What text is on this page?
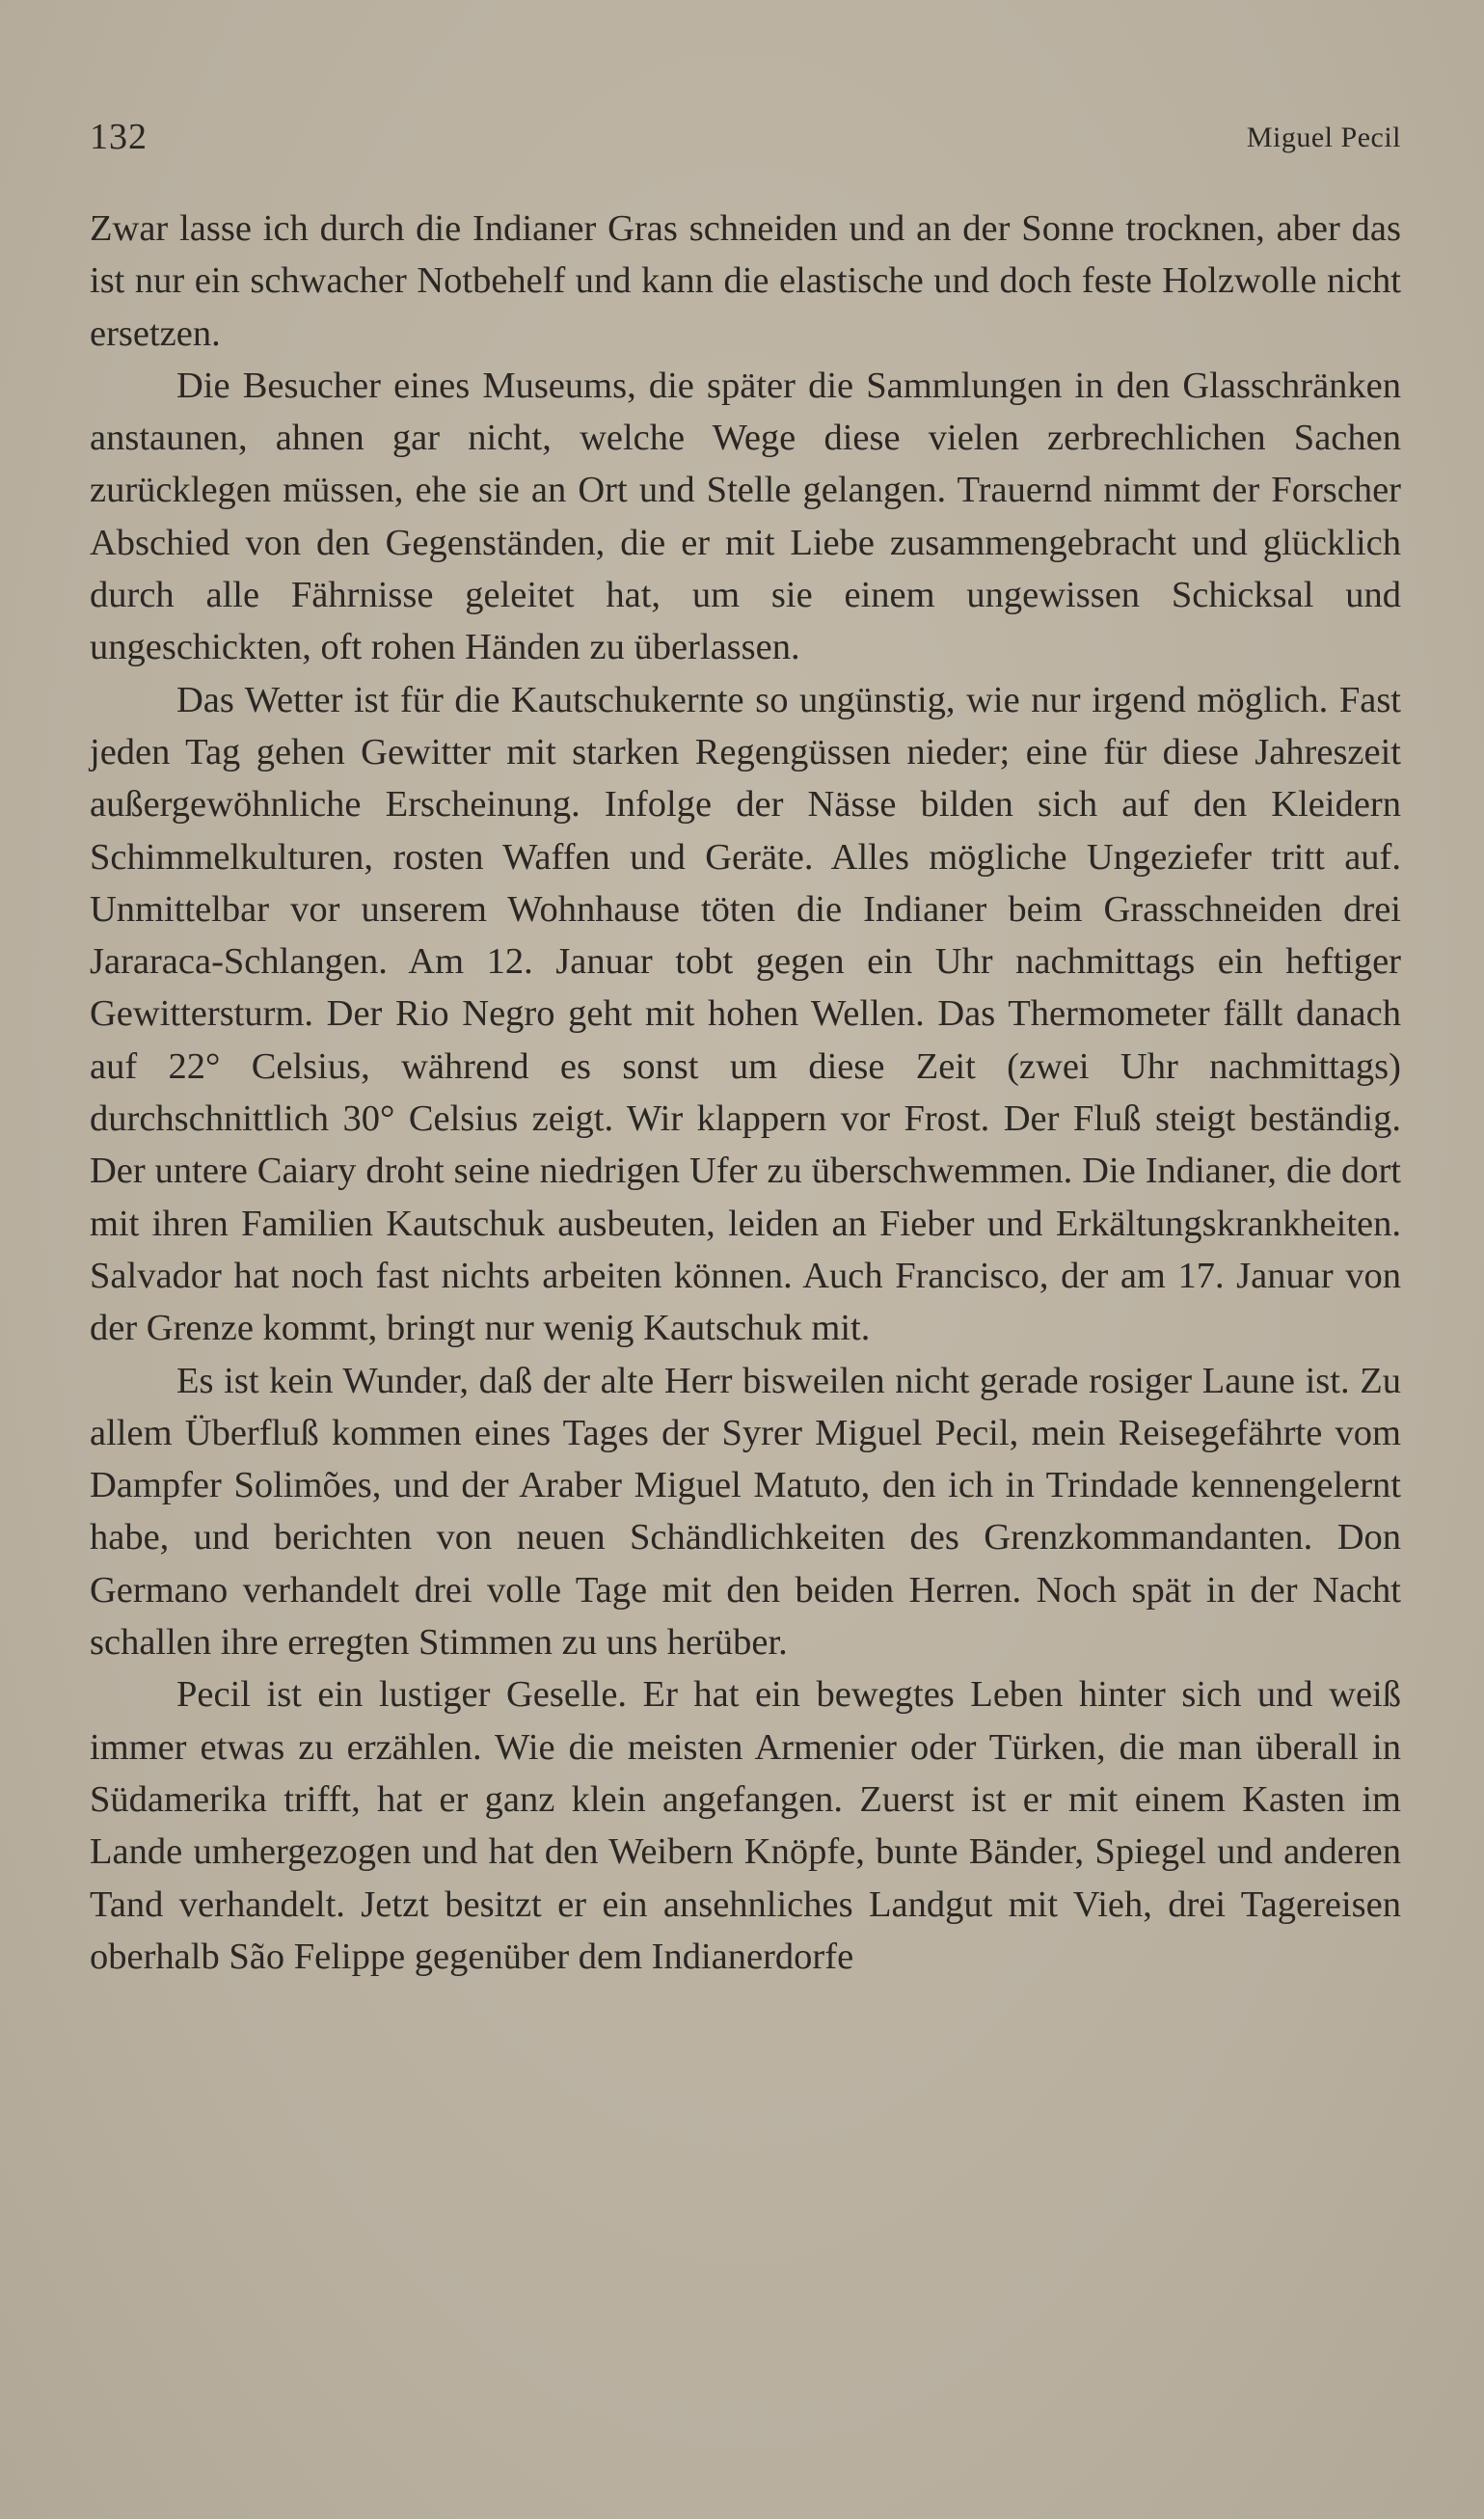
132	Miguel Pecil

Zwar lasse ich durch die Indianer Gras schneiden und an der Sonne trocknen, aber das ist nur ein schwacher Notbehelf und kann die elastische und doch feste Holzwolle nicht ersetzen.

Die Besucher eines Museums, die später die Sammlungen in den Glasschränken anstaunen, ahnen gar nicht, welche Wege diese vielen zerbrechlichen Sachen zurücklegen müssen, ehe sie an Ort und Stelle gelangen. Trauernd nimmt der Forscher Abschied von den Gegenständen, die er mit Liebe zusammengebracht und glücklich durch alle Fährnisse geleitet hat, um sie einem ungewissen Schicksal und ungeschickten, oft rohen Händen zu überlassen.

Das Wetter ist für die Kautschukernte so ungünstig, wie nur irgend möglich. Fast jeden Tag gehen Gewitter mit starken Regengüssen nieder; eine für diese Jahreszeit außergewöhnliche Erscheinung. Infolge der Nässe bilden sich auf den Kleidern Schimmelkulturen, rosten Waffen und Geräte. Alles mögliche Ungeziefer tritt auf. Unmittelbar vor unserem Wohnhause töten die Indianer beim Grasschneiden drei Jararaca-Schlangen. Am 12. Januar tobt gegen ein Uhr nachmittags ein heftiger Gewittersturm. Der Rio Negro geht mit hohen Wellen. Das Thermometer fällt danach auf 22° Celsius, während es sonst um diese Zeit (zwei Uhr nachmittags) durchschnittlich 30° Celsius zeigt. Wir klappern vor Frost. Der Fluß steigt beständig. Der untere Caiary droht seine niedrigen Ufer zu überschwemmen. Die Indianer, die dort mit ihren Familien Kautschuk ausbeuten, leiden an Fieber und Erkältungskrankheiten. Salvador hat noch fast nichts arbeiten können. Auch Francisco, der am 17. Januar von der Grenze kommt, bringt nur wenig Kautschuk mit.

Es ist kein Wunder, daß der alte Herr bisweilen nicht gerade rosiger Laune ist. Zu allem Überfluß kommen eines Tages der Syrer Miguel Pecil, mein Reisegefährte vom Dampfer Solimões, und der Araber Miguel Matuto, den ich in Trindade kennengelernt habe, und berichten von neuen Schändlichkeiten des Grenzkommandanten. Don Germano verhandelt drei volle Tage mit den beiden Herren. Noch spät in der Nacht schallen ihre erregten Stimmen zu uns herüber.

Pecil ist ein lustiger Geselle. Er hat ein bewegtes Leben hinter sich und weiß immer etwas zu erzählen. Wie die meisten Armenier oder Türken, die man überall in Südamerika trifft, hat er ganz klein angefangen. Zuerst ist er mit einem Kasten im Lande umhergezogen und hat den Weibern Knöpfe, bunte Bänder, Spiegel und anderen Tand verhandelt. Jetzt besitzt er ein ansehnliches Landgut mit Vieh, drei Tagereisen oberhalb São Felippe gegenüber dem Indianerdorfe
